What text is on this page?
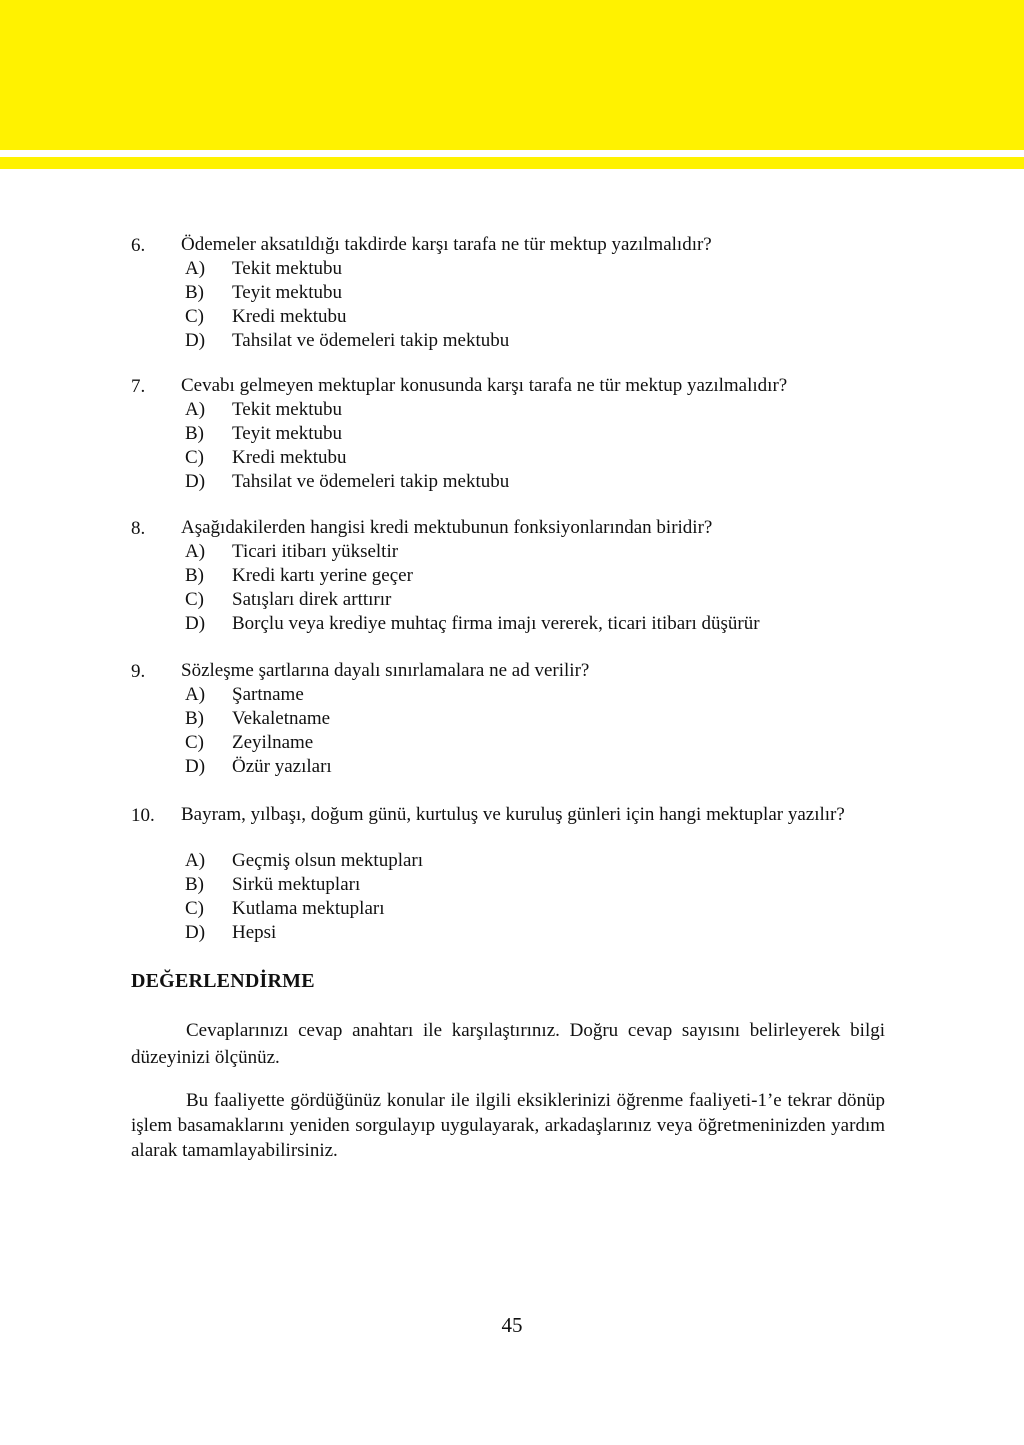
6. Ödemeler aksatıldığı takdirde karşı tarafa ne tür mektup yazılmalıdır?

A) Tekit mektubu
B) Teyit mektubu
C) Kredi mektubu
D) Tahsilat ve ödemeleri takip mektubu
7. Cevabı gelmeyen mektuplar konusunda karşı tarafa ne tür mektup yazılmalıdır?

A) Tekit mektubu
B) Teyit mektubu
C) Kredi mektubu
D) Tahsilat ve ödemeleri takip mektubu
8. Aşağıdakilerden hangisi kredi mektubunun fonksiyonlarından biridir?

A) Ticari itibarı yükseltir
B) Kredi kartı yerine geçer
C) Satışları direk arttırır
D) Borçlu veya krediye muhtaç firma imajı vererek, ticari itibarı düşürür
9. Sözleşme şartlarına dayalı sınırlamalara ne ad verilir?

A) Şartname
B) Vekaletname
C) Zeyilname
D) Özür yazıları
10. Bayram, yılbaşı, doğum günü, kurtuluş ve kuruluş günleri için hangi mektuplar yazılır?

A) Geçmiş olsun mektupları
B) Sirkü mektupları
C) Kutlama mektupları
D) Hepsi
DEĞERLENDİRME

Cevaplarınızı cevap anahtarı ile karşılaştırınız. Doğru cevap sayısını belirleyerek bilgi düzeyinizi ölçünüz.

Bu faaliyette gördüğünüz konular ile ilgili eksiklerinizi öğrenme faaliyeti-1’e tekrar dönüp işlem basamaklarını yeniden sorgulayıp uygulayarak, arkadaşlarınız veya öğretmeninizden yardım alarak tamamlayabilirsiniz.

45
